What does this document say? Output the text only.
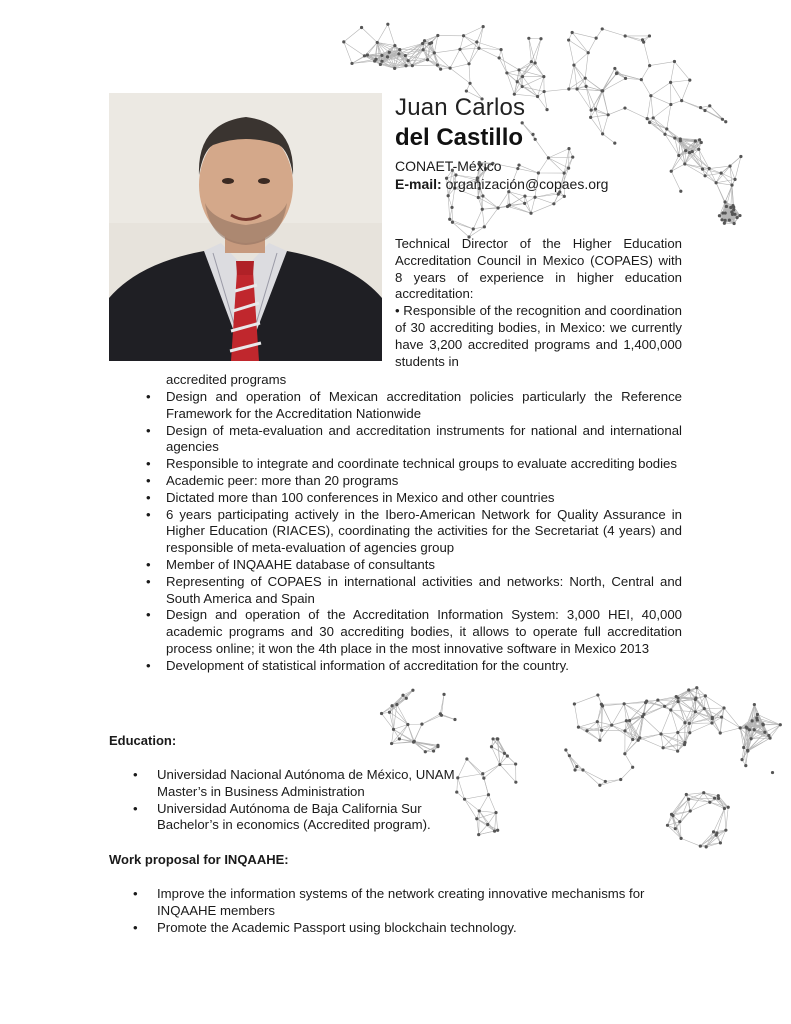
Juan Carlos
del Castillo
CONAET-México
E-mail: organización@copaes.org

Technical Director of the Higher Education Accreditation Council in Mexico (COPAES) with 8 years of experience in higher education accreditation:

• Responsible of the recognition and coordination of 30 accrediting bodies, in Mexico: we currently have 3,200 accredited programs and 1,400,000 students in

accredited programs
• Design and operation of Mexican accreditation policies particularly the Reference Framework for the Accreditation Nationwide
• Design of meta-evaluation and accreditation instruments for national and international agencies
• Responsible to integrate and coordinate technical groups to evaluate accrediting bodies
• Academic peer: more than 20 programs
• Dictated more than 100 conferences in Mexico and other countries
• 6 years participating actively in the Ibero-American Network for Quality Assurance in Higher Education (RIACES), coordinating the activities for the Secretariat (4 years) and responsible of meta-evaluation of agencies group
• Member of INQAAHE database of consultants
• Representing of COPAES in international activities and networks: North, Central and South America and Spain
• Design and operation of the Accreditation Information System: 3,000 HEI, 40,000 academic programs and 30 accrediting bodies, it allows to operate full accreditation process online; it won the 4th place in the most innovative software in Mexico 2013
• Development of statistical information of accreditation for the country.
Education:
• Universidad Nacional Autónoma de México, UNAM
Master’s in Business Administration
• Universidad Autónoma de Baja California Sur
Bachelor’s in economics (Accredited program).
Work proposal for INQAAHE:
• Improve the information systems of the network creating innovative mechanisms for INQAAHE members
• Promote the Academic Passport using blockchain technology.
